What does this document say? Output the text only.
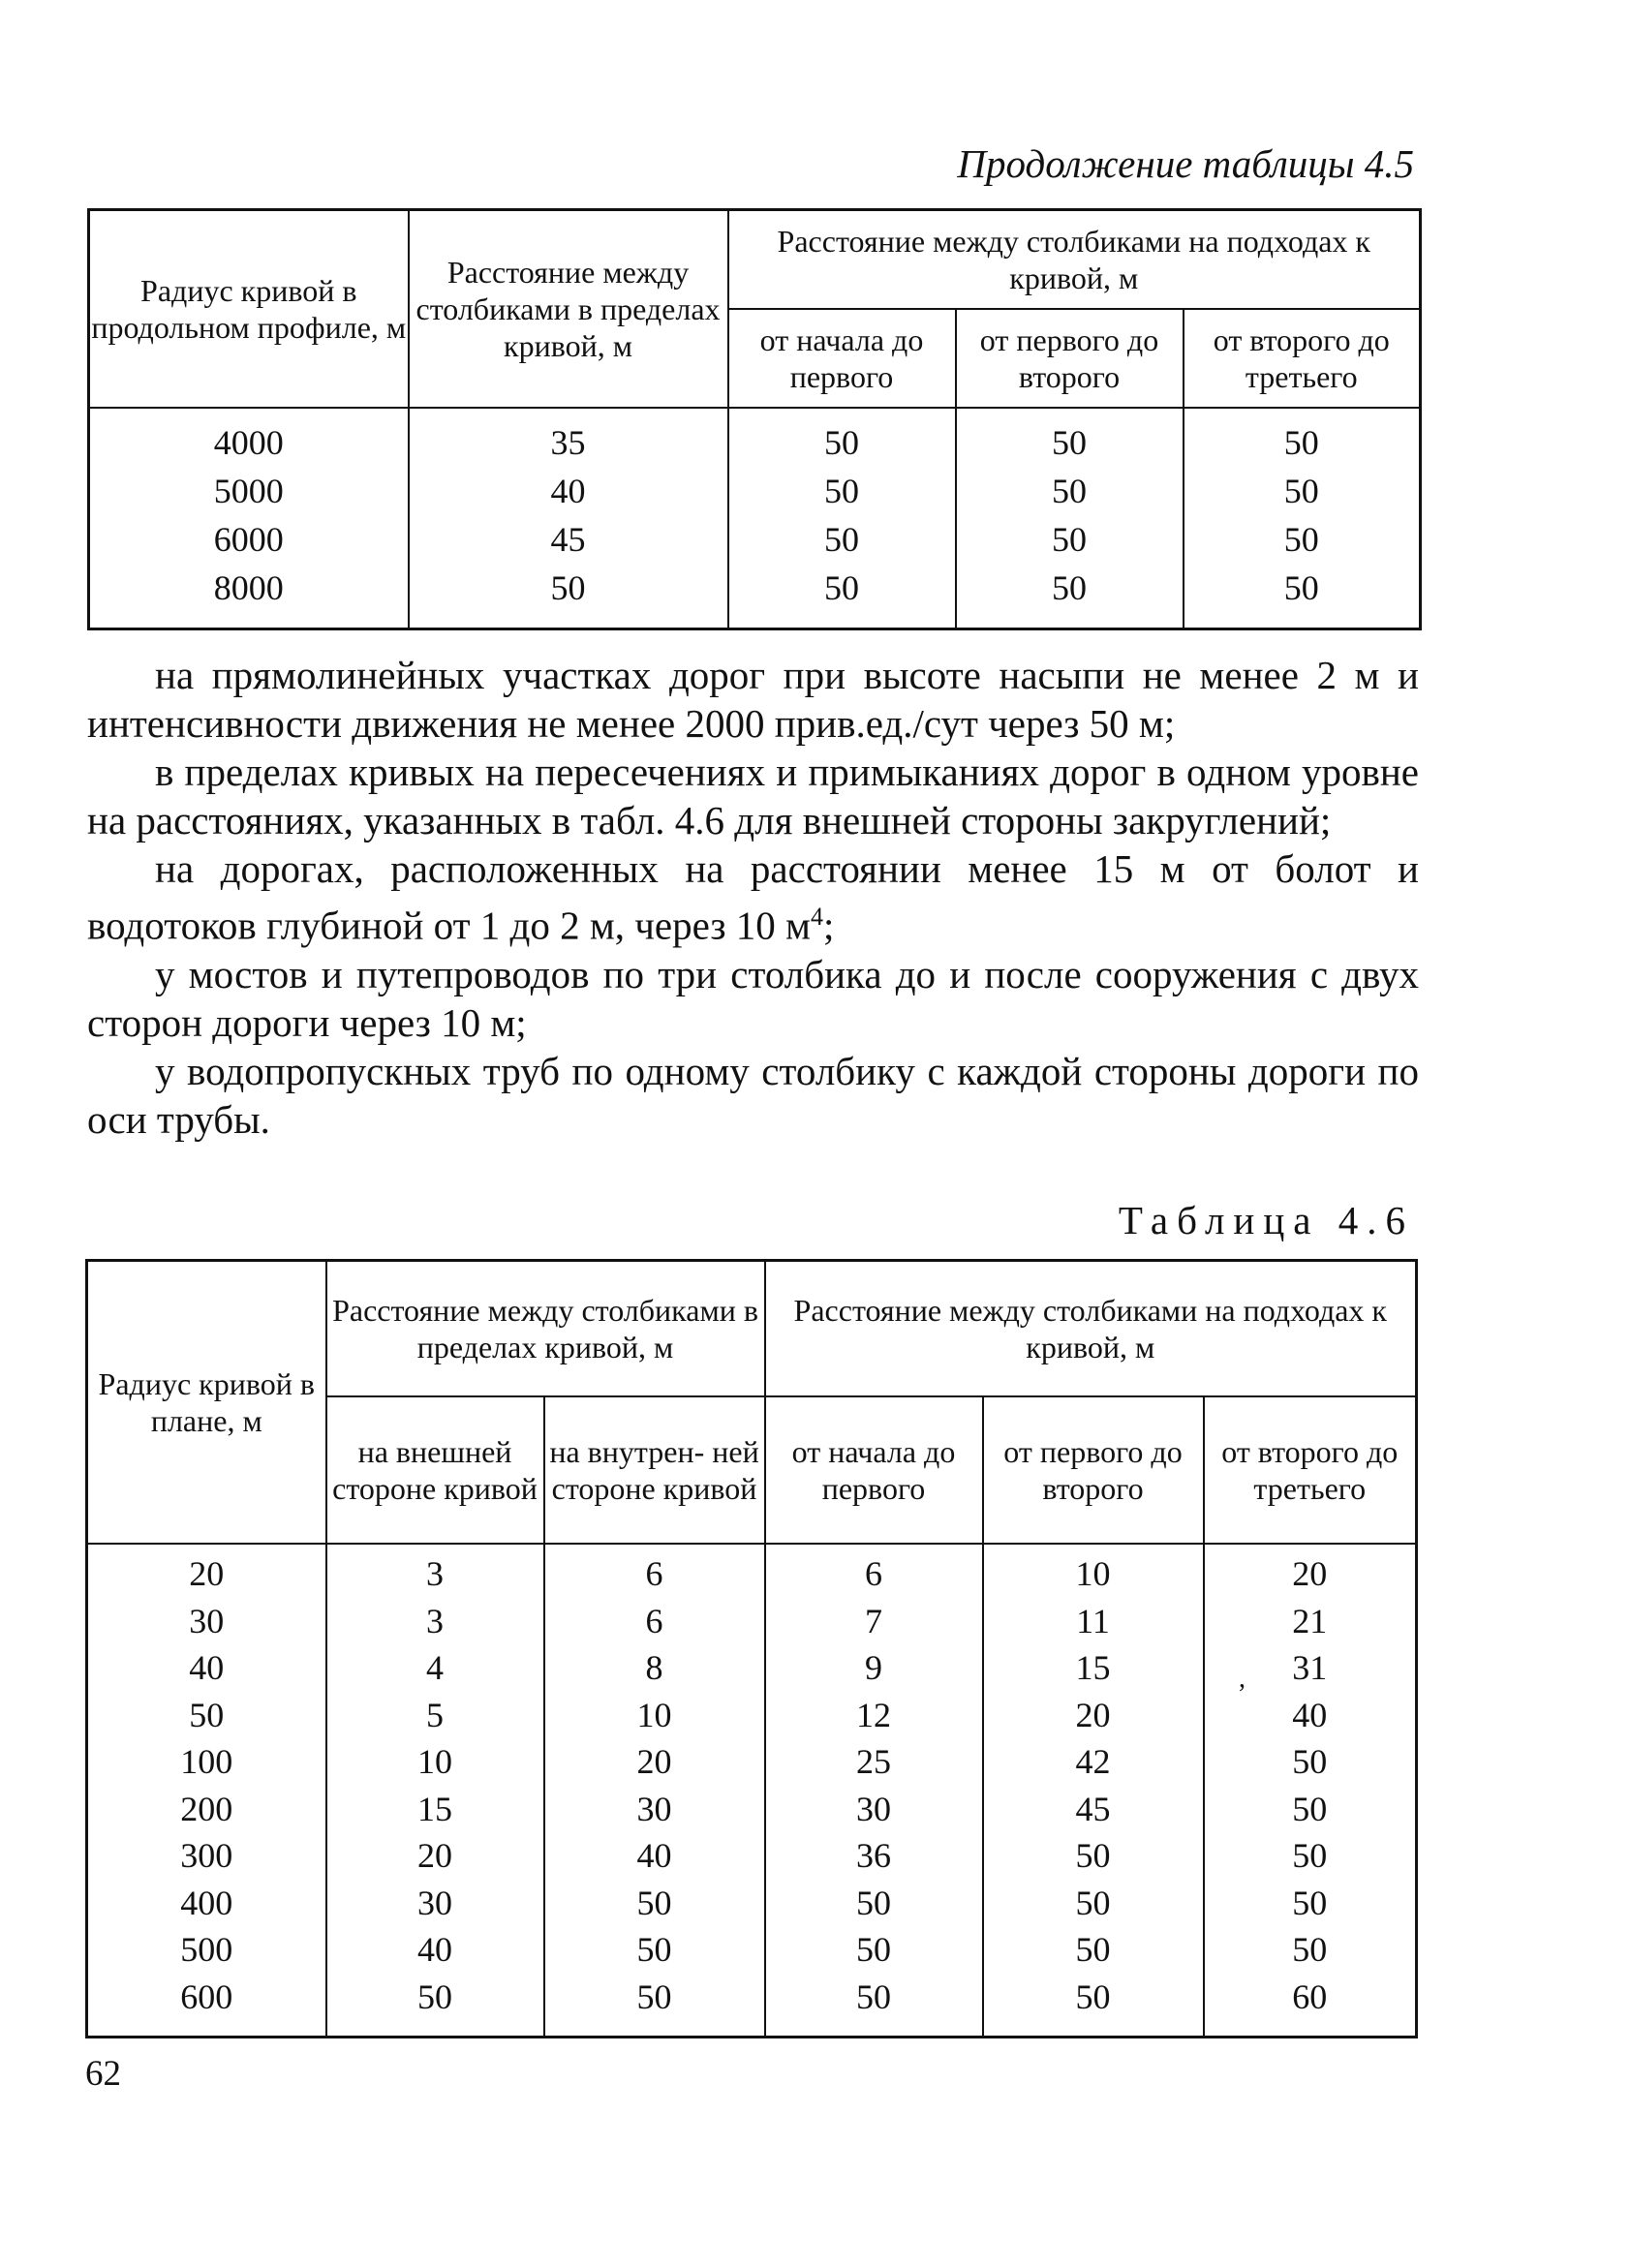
Продолжение таблицы 4.5
Радиус кривой в продольном профиле, м	Расстояние между столбиками в пределах кривой, м	Расстояние между столбиками на подходах к кривой, м		
		от начала до первого	от первого до второго	от второго до третьего
4000	35	50	50	50
5000	40	50	50	50
6000	45	50	50	50
8000	50	50	50	50

на прямолинейных участках дорог при высоте насыпи не менее 2 м и интенсивности движения не менее 2000 прив.ед./сут через 50 м;

в пределах кривых на пересечениях и примыканиях дорог в одном уровне на расстояниях, указанных в табл. 4.6 для внешней стороны закруглений;

на дорогах, расположенных на расстоянии менее 15 м от болот и водотоков глубиной от 1 до 2 м, через 10 $м^4$;

у мостов и путепроводов по три столбика до и после сооружения с двух сторон дороги через 10 м;

у водопропускных труб по одному столбику с каждой стороны дороги по оси трубы.

Таблица 4.6
Радиус кривой в плане, м	Расстояние между столбиками в пределах кривой, м		Расстояние между столбиками на подходах к кривой, м		
	на внешней стороне кривой	на внутрен- ней стороне кривой	от начала до первого	от первого до второго	от второго до третьего
20	3	6	6	10	20
30	3	6	7	11	21
40	4	8	9	15	31
50	5	10	12	20	40
100	10	20	25	42	50
200	15	30	30	45	50
300	20	40	36	50	50
400	30	50	50	50	50
500	40	50	50	50	50
600	50	50	50	50	60
,
62
